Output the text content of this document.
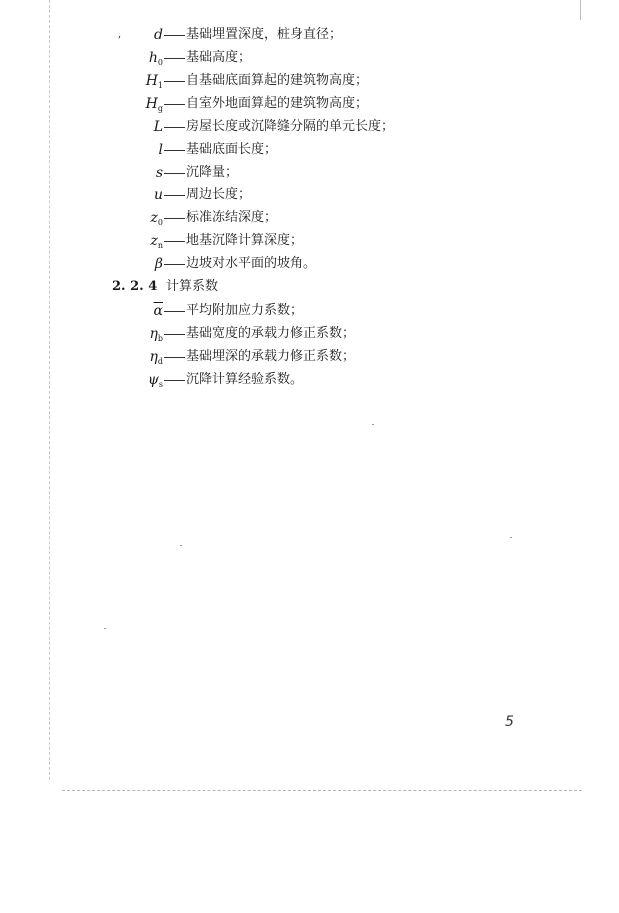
, d 基础埋置深度，桩身直径；
$h_0$ 基础高度；
$H_1$ 自基础底面算起的建筑物高度；
$H_g$ 自室外地面算起的建筑物高度；
L 房屋长度或沉降缝分隔的单元长度；
l 基础底面长度；
s 沉降量；
u 周边长度；
$z_0$ 标准冻结深度；
$z_n$ 地基沉降计算深度；
β 边坡对水平面的坡角。
2. 2. 4 计算系数
$\overline{\alpha}$ 平均附加应力系数；
$\eta_b$ 基础宽度的承载力修正系数；
$\eta_d$ 基础埋深的承载力修正系数；
$\psi_s$ 沉降计算经验系数。
5
